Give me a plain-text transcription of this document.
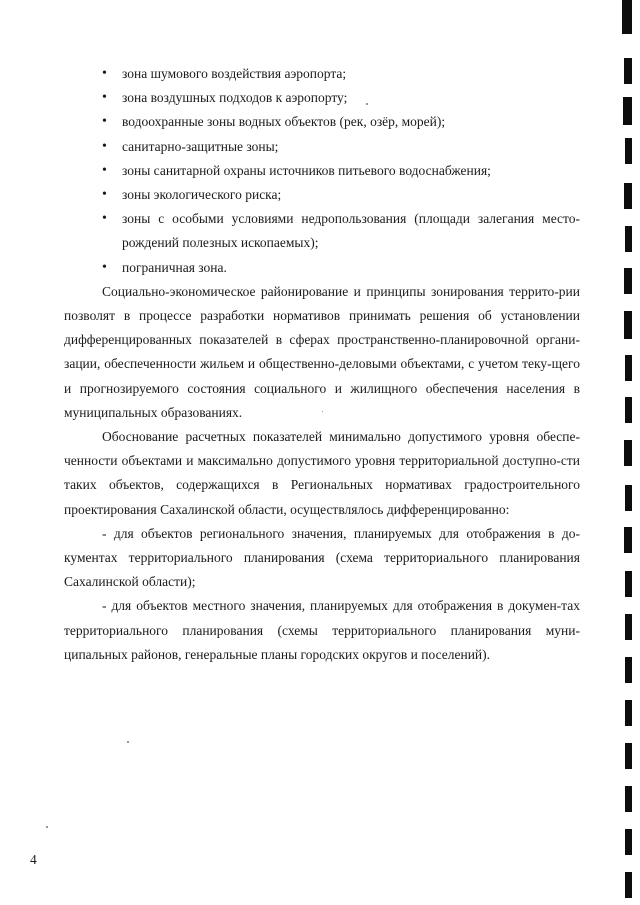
• зона шумового воздействия аэропорта;
• зона воздушных подходов к аэропорту;
• водоохранные зоны водных объектов (рек, озёр, морей);
• санитарно-защитные зоны;
• зоны санитарной охраны источников питьевого водоснабжения;
• зоны экологического риска;
• зоны с особыми условиями недропользования (площади залегания место-рождений полезных ископаемых);
• пограничная зона.

Социально-экономическое районирование и принципы зонирования террито-рии позволят в процессе разработки нормативов принимать решения об установлении дифференцированных показателей в сферах пространственно-планировочной органи-зации, обеспеченности жильем и общественно-деловыми объектами, с учетом теку-щего и прогнозируемого состояния социального и жилищного обеспечения населения в муниципальных образованиях.

Обоснование расчетных показателей минимально допустимого уровня обеспе-ченности объектами и максимально допустимого уровня территориальной доступно-сти таких объектов, содержащихся в Региональных нормативах градостроительного проектирования Сахалинской области, осуществлялось дифференцированно:

- для объектов регионального значения, планируемых для отображения в до-кументах территориального планирования (схема территориального планирования Сахалинской области);

- для объектов местного значения, планируемых для отображения в докумен-тах территориального планирования (схемы территориального планирования муни-ципальных районов, генеральные планы городских округов и поселений).

4
